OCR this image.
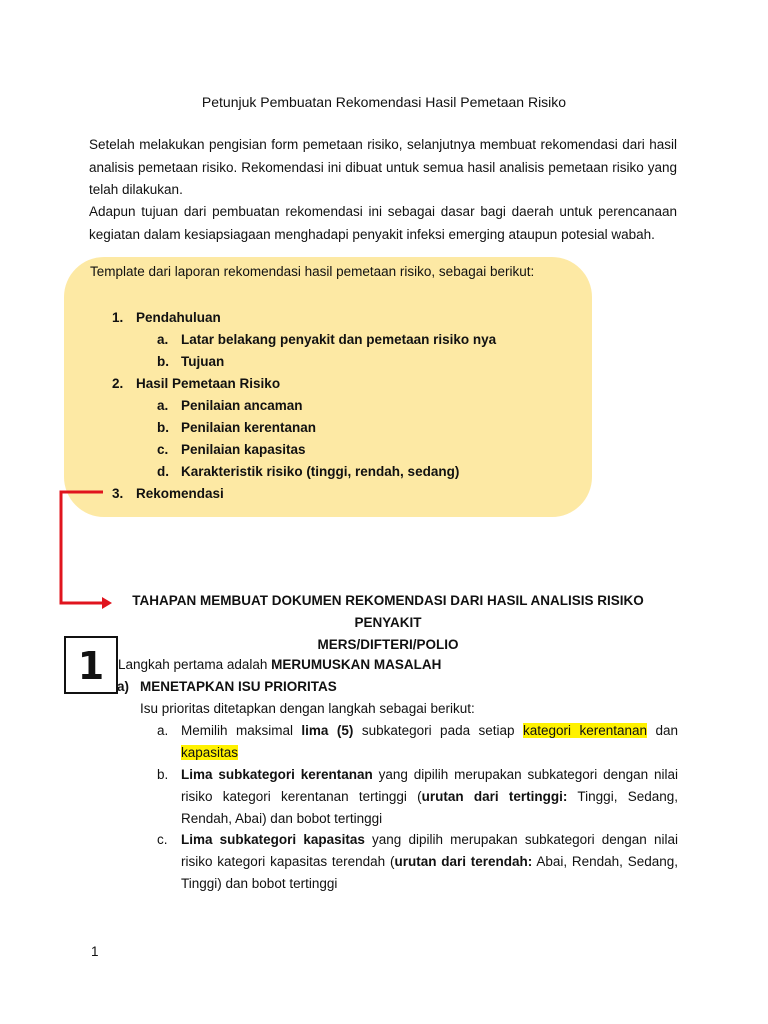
Petunjuk Pembuatan Rekomendasi Hasil Pemetaan Risiko
Setelah melakukan pengisian form pemetaan risiko, selanjutnya membuat rekomendasi dari hasil analisis pemetaan risiko. Rekomendasi ini dibuat untuk semua hasil analisis pemetaan risiko yang telah dilakukan.
Adapun tujuan dari pembuatan rekomendasi ini sebagai dasar bagi daerah untuk perencanaan kegiatan dalam kesiapsiagaan menghadapi penyakit infeksi emerging ataupun potesial wabah.
Template dari laporan rekomendasi hasil pemetaan risiko, sebagai berikut:
1. Pendahuluan
a. Latar belakang penyakit dan pemetaan risiko nya
b. Tujuan
2. Hasil Pemetaan Risiko
a. Penilaian ancaman
b. Penilaian kerentanan
c. Penilaian kapasitas
d. Karakteristik risiko (tinggi, rendah, sedang)
3. Rekomendasi
TAHAPAN MEMBUAT DOKUMEN REKOMENDASI DARI HASIL ANALISIS RISIKO PENYAKIT
MERS/DIFTERI/POLIO
1	Langkah pertama adalah MERUMUSKAN MASALAH
a) MENETAPKAN ISU PRIORITAS
Isu prioritas ditetapkan dengan langkah sebagai berikut:
a. Memilih maksimal lima (5) subkategori pada setiap kategori kerentanan dan kapasitas
b. Lima subkategori kerentanan yang dipilih merupakan subkategori dengan nilai risiko kategori kerentanan tertinggi (urutan dari tertinggi: Tinggi, Sedang, Rendah, Abai) dan bobot tertinggi
c. Lima subkategori kapasitas yang dipilih merupakan subkategori dengan nilai risiko kategori kapasitas terendah (urutan dari terendah: Abai, Rendah, Sedang, Tinggi) dan bobot tertinggi
1
